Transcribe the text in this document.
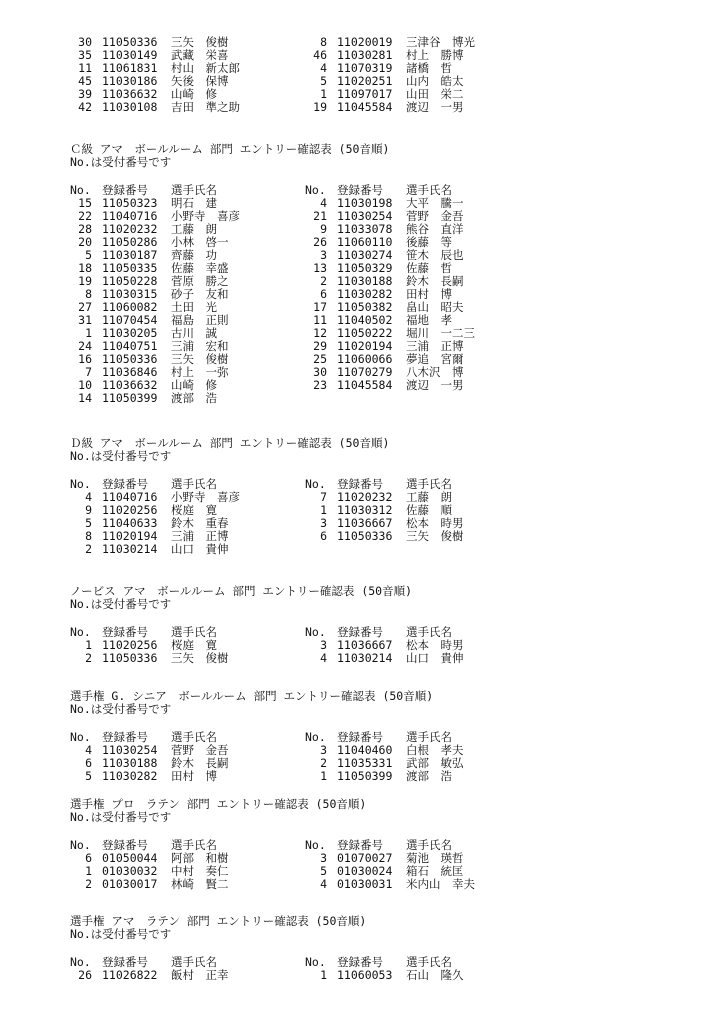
30 11050336 三矢　俊樹
35 11030149 武藏　栄喜
11 11061831 村山　新太郎
45 11030186 矢後　保博
39 11036632 山崎　修
42 11030108 吉田　準之助
8 11020019 三津谷　博光
46 11030281 村上　勝博
4 11070319 諸橋　哲
5 11020251 山内　皓太
1 11097017 山田　栄二
19 11045584 渡辺　一男
Ｃ級 アマ　ボールルーム 部門 エントリー確認表 (50音順)
No.は受付番号です
No. 登録番号 選手氏名
15 11050323 明石　建
22 11040716 小野寺　喜彦
28 11020232 工藤　朗
20 11050286 小林　啓一
5 11030187 齊藤　功
18 11050335 佐藤　幸盛
19 11050228 菅原　勝之
8 11030315 砂子　友和
27 11060082 土田　光
31 11070454 福島　正則
1 11030205 古川　誠
24 11040751 三浦　宏和
16 11050336 三矢　俊樹
7 11036846 村上　一弥
10 11036632 山崎　修
14 11050399 渡部　浩
No. 登録番号 選手氏名
4 11030198 大平　騰一
21 11030254 菅野　金吾
9 11033078 熊谷　直洋
26 11060110 後藤　等
3 11030274 笹木　辰也
13 11050329 佐藤　哲
2 11030188 鈴木　長嗣
6 11030282 田村　博
17 11050382 畠山　昭夫
11 11040502 福地　孝
12 11050222 堀川　一二三
29 11020194 三浦　正博
25 11060066 夢追　宮爾
30 11070279 八木沢　博
23 11045584 渡辺　一男
Ｄ級 アマ　ボールルーム 部門 エントリー確認表 (50音順)
No.は受付番号です
No. 登録番号 選手氏名
4 11040716 小野寺　喜彦
9 11020256 桜庭　寛
5 11040633 鈴木　重春
8 11020194 三浦　正博
2 11030214 山口　貴伸
No. 登録番号 選手氏名
7 11020232 工藤　朗
1 11030312 佐藤　順
3 11036667 松本　時男
6 11050336 三矢　俊樹
ノービス アマ　ボールルーム 部門 エントリー確認表 (50音順)
No.は受付番号です
No. 登録番号 選手氏名
1 11020256 桜庭　寛
2 11050336 三矢　俊樹
No. 登録番号 選手氏名
3 11036667 松本　時男
4 11030214 山口　貴伸
選手権 G. シニア　ボールルーム 部門 エントリー確認表 (50音順)
No.は受付番号です
No. 登録番号 選手氏名
4 11030254 菅野　金吾
6 11030188 鈴木　長嗣
5 11030282 田村　博
No. 登録番号 選手氏名
3 11040460 白根　孝夫
2 11035331 武部　敏弘
1 11050399 渡部　浩
選手権 プロ　ラテン 部門 エントリー確認表 (50音順)
No.は受付番号です
No. 登録番号 選手氏名
6 01050044 阿部　和樹
1 01030032 中村　奏仁
2 01030017 林崎　賢二
No. 登録番号 選手氏名
3 01070027 菊池　瑛哲
5 01030024 箱石　統匡
4 01030031 米内山　幸夫
選手権 アマ　ラテン 部門 エントリー確認表 (50音順)
No.は受付番号です
No. 登録番号 選手氏名
26 11026822 飯村　正幸
No. 登録番号 選手氏名
1 11060053 石山　隆久
